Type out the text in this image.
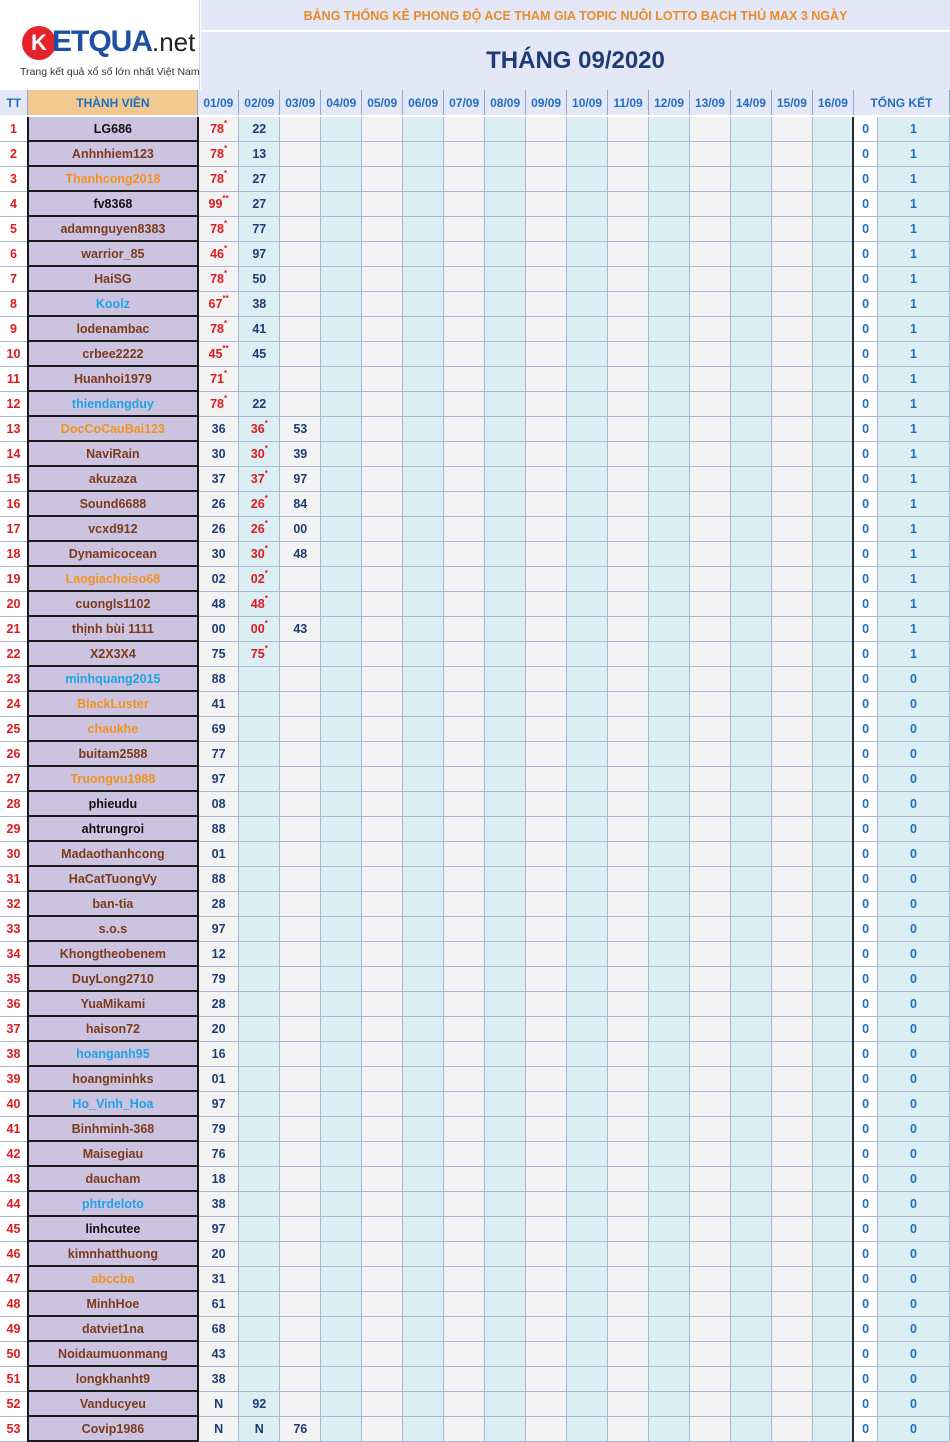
K ETQUA .net
Trang kết quả xổ số lớn nhất Việt Nam
BẢNG THỐNG KÊ PHONG ĐỘ ACE THAM GIA TOPIC NUÔI LOTTO BẠCH THỦ MAX 3 NGÀY
THÁNG 09/2020
TT	THÀNH VIÊN	01/09	02/09	03/09	04/09	05/09	06/09	07/09	08/09	09/09	10/09	11/09	12/09	13/09	14/09	15/09	16/09	TỔNG KẾT	
1	LG686	78*	22															0	1
2	Anhnhiem123	78*	13															0	1
3	Thanhcong2018	78*	27															0	1
4	fv8368	99**	27															0	1
5	adamnguyen8383	78*	77															0	1
6	warrior_85	46*	97															0	1
7	HaiSG	78*	50															0	1
8	Koolz	67**	38															0	1
9	lodenambac	78*	41															0	1
10	crbee2222	45**	45															0	1
11	Huanhoi1979	71*																0	1
12	thiendangduy	78*	22															0	1
13	DocCoCauBai123	36	36*	53														0	1
14	NaviRain	30	30*	39														0	1
15	akuzaza	37	37*	97														0	1
16	Sound6688	26	26*	84														0	1
17	vcxd912	26	26*	00														0	1
18	Dynamicocean	30	30*	48														0	1
19	Laogiachoiso68	02	02*															0	1
20	cuongls1102	48	48*															0	1
21	thịnh bùi 1111	00	00*	43														0	1
22	X2X3X4	75	75*															0	1
23	minhquang2015	88																0	0
24	BlackLuster	41																0	0
25	chaukhe	69																0	0
26	buitam2588	77																0	0
27	Truongvu1988	97																0	0
28	phieudu	08																0	0
29	ahtrungroi	88																0	0
30	Madaothanhcong	01																0	0
31	HaCatTuongVy	88																0	0
32	ban-tia	28																0	0
33	s.o.s	97																0	0
34	Khongtheobenem	12																0	0
35	DuyLong2710	79																0	0
36	YuaMikami	28																0	0
37	haison72	20																0	0
38	hoanganh95	16																0	0
39	hoangminhks	01																0	0
40	Ho_Vinh_Hoa	97																0	0
41	Binhminh-368	79																0	0
42	Maisegiau	76																0	0
43	daucham	18																0	0
44	phtrdeloto	38																0	0
45	linhcutee	97																0	0
46	kimnhatthuong	20																0	0
47	abccba	31																0	0
48	MinhHoe	61																0	0
49	datviet1na	68																0	0
50	Noidaumuonmang	43																0	0
51	longkhanht9	38																0	0
52	Vanducyeu	N	92															0	0
53	Covip1986	N	N	76														0	0
